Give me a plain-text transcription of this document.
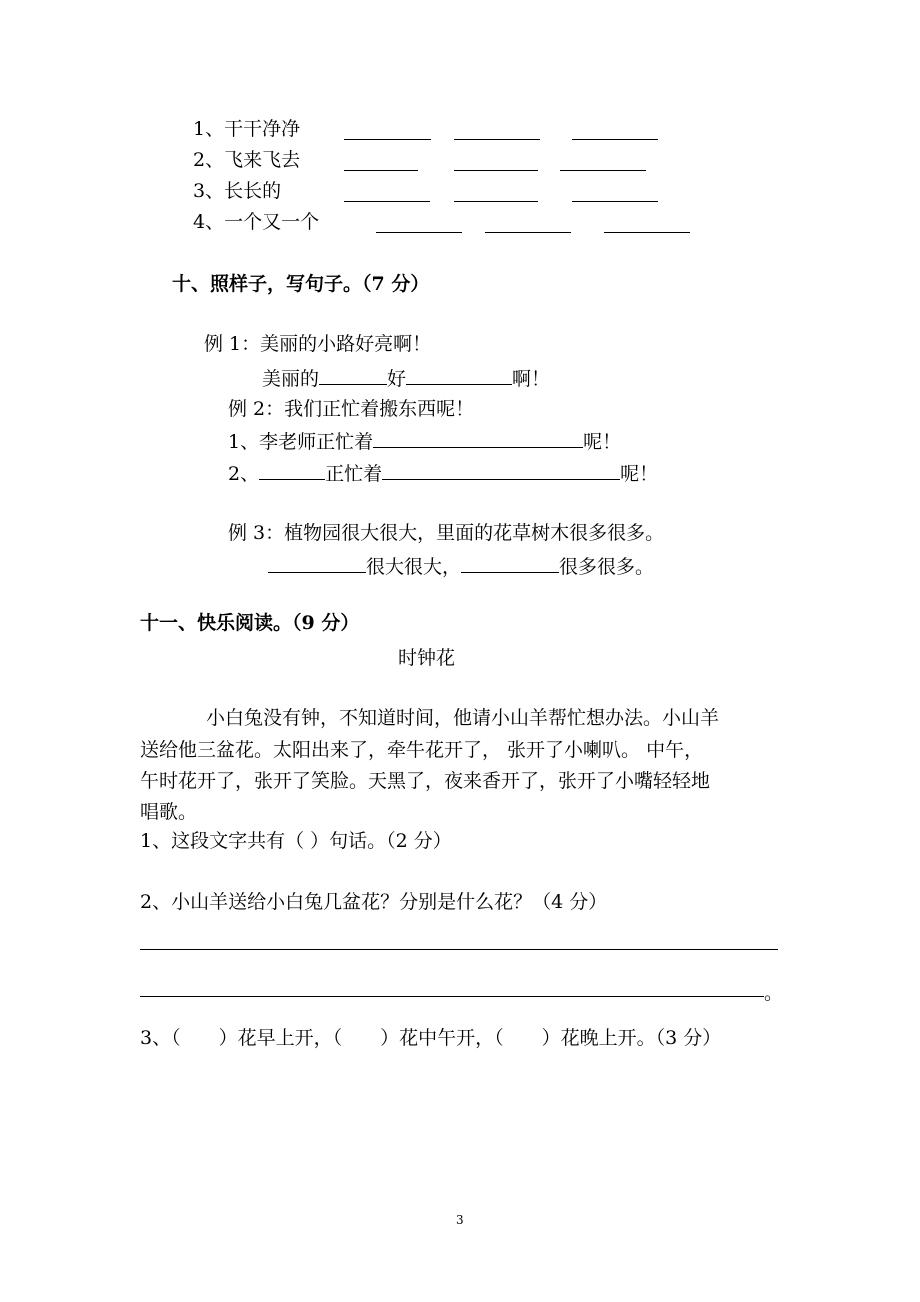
1、干干净净
2、飞来飞去
3、长长的
4、一个又一个
十、照样子，写句子。（7 分）
例 1：美丽的小路好亮啊！
美丽的	好	啊！
例 2：我们正忙着搬东西呢！
1、李老师正忙着	呢！
2、	正忙着	呢！
例 3：植物园很大很大，里面的花草树木很多很多。
很大很大，	很多很多。
十一、快乐阅读。（9 分）
时钟花
小白兔没有钟，不知道时间，他请小山羊帮忙想办法。小山羊
送给他三盆花。太阳出来了，牵牛花开了， 张开了小喇叭。 中午，
午时花开了，张开了笑脸。天黑了，夜来香开了，张开了小嘴轻轻地
唱歌。
1、这段文字共有（ ）句话。（2 分）
2、小山羊送给小白兔几盆花？分别是什么花？（4 分）
。
3、（ ）花早上开，（ ）花中午开，（ ）花晚上开。（3 分）
3
